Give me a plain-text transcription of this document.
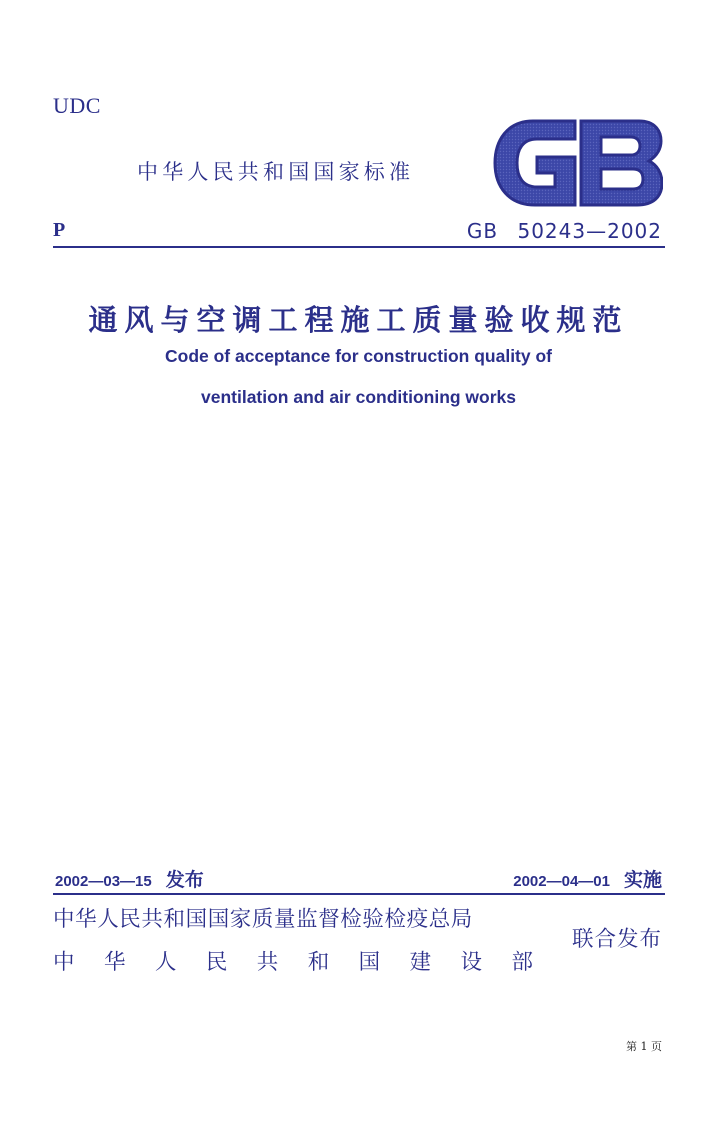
UDC
中华人民共和国国家标准
P	GB 50243—2002
通风与空调工程施工质量验收规范
Code of acceptance for construction quality of
ventilation and air conditioning works
2002—03—15 发布	2002—04—01 实施
中华人民共和国国家质量监督检验检疫总局
中 华 人 民 共 和 国 建 设 部
联合发布
第 1 页
